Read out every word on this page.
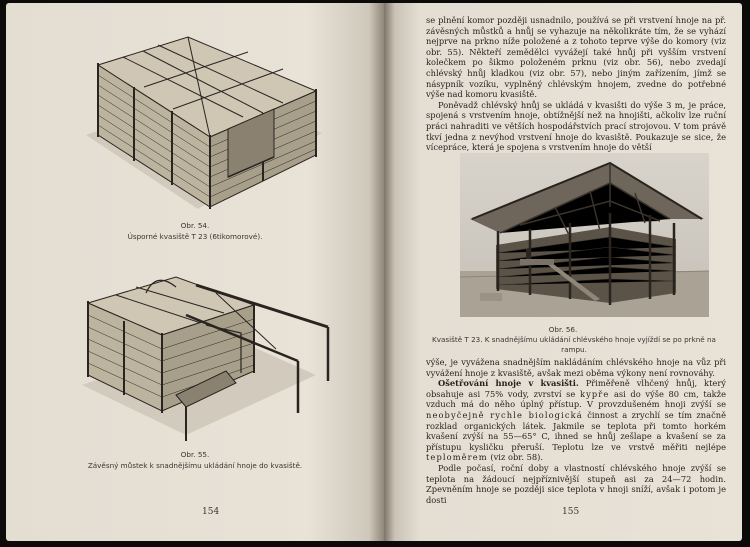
Obr. 54.

Úsporné kvasiště T 23 (6tikomorové).

Obr. 55.

Závěsný můstek k snadnějšímu ukládání hnoje do kvasiště.

154

se plnění komor později usnadnilo, používá se při vrstvení hnoje na př. závěsných můstků a hnůj se vyhazuje na několikráte tím, že se vyhází nejprve na prkno níže položené a z tohoto teprve výše do komory (viz obr. 55). Někteří zemědělci vyvážejí také hnůj při vyšším vrstvení kolečkem po šikmo položeném prknu (viz obr. 56), nebo zvedají chlévský hnůj kladkou (viz obr. 57), nebo jiným zařízením, jímž se násypník vozíku, vyplněný chlévským hnojem, zvedne do potřebné výše nad komoru kvasiště.

Poněvadž chlévský hnůj se ukládá v kvasišti do výše 3 m, je práce, spojená s vrstvením hnoje, obtížnější než na hnojišti, ačkoliv lze ruční práci nahraditi ve větších hospodářstvích prací strojovou. V tom právě tkví jedna z nevýhod vrstvení hnoje do kvasiště. Poukazuje se sice, že vícepráce, která je spojena s vrstvením hnoje do větší

Obr. 56.

Kvasiště T 23. K snadnějšímu ukládání chlévského hnoje vyjíždí se po prkně na rampu.

výše, je vyvážena snadnějším nakládáním chlévského hnoje na vůz při vyvážení hnoje z kvasiště, avšak mezi oběma výkony není rovnováhy.

Ošetřování hnoje v kvasišti. Přiměřeně vlhčený hnůj, který obsahuje asi 75% vody, zvrství se kypře asi do výše 80 cm, takže vzduch má do něho úplný přístup. V provzdušeném hnoji zvýší se neobyčejně rychle biologická činnost a zrychlí se tím značně rozklad organických látek. Jakmile se teplota při tomto horkém kvašení zvýší na 55—65° C, ihned se hnůj zešlape a kvašení se za přístupu kysličku přeruší. Teplotu lze ve vrstvě měřiti nejlépe teploměrem (viz obr. 58).

Podle počasí, roční doby a vlastností chlévského hnoje zvýší se teplota na žádoucí nejpříznivější stupeň asi za 24—72 hodin. Zpevněním hnoje se později sice teplota v hnoji sníží, avšak i potom je dosti

155
